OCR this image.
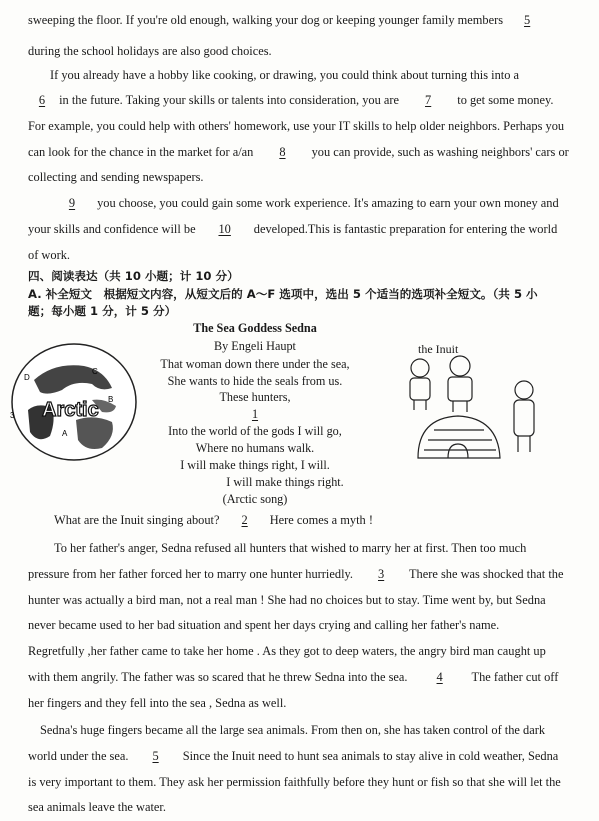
sweeping the floor. If you're old enough, walking your dog or keeping younger family members 5
during the school holidays are also good choices.
If you already have a hobby like cooking, or drawing, you could think about turning this into a
6 in the future. Taking your skills or talents into consideration, you are 7 to get some money.
For example, you could help with others' homework, use your IT skills to help older neighbors. Perhaps you
can look for the chance in the market for a/an 8 you can provide, such as washing neighbors' cars or
collecting and sending newspapers.
9 you choose, you could gain some work experience. It's amazing to earn your own money and
your skills and confidence will be 10 developed.This is fantastic preparation for entering the world
of work.
四、阅读表达（共 10 小题；计 10 分）
A. 补全短文　根据短文内容，从短文后的 A～F 选项中，选出 5 个适当的选项补全短文。（共 5 小
题；每小题 1 分，计 5 分）
The Sea Goddess Sedna
By Engeli Haupt
That woman down there under the sea,
She wants to hide the seals from us.
These hunters,
1
Into the world of the gods I will go,
Where no humans walk.
I will make things right, I will.
I will make things right.
(Arctic song)
D
C
B
3
A
Arctic
the Inuit
What are the Inuit singing about? 2 Here comes a myth !
To her father's anger, Sedna refused all hunters that wished to marry her at first. Then too much
pressure from her father forced her to marry one hunter hurriedly. 3 There she was shocked that the
hunter was actually a bird man, not a real man ! She had no choices but to stay. Time went by, but Sedna
never became used to her bad situation and spent her days crying and calling her father's name.
Regretfully ,her father came to take her home . As they got to deep waters, the angry bird man caught up
with them angrily. The father was so scared that he threw Sedna into the sea. 4 The father cut off
her fingers and they fell into the sea , Sedna as well.
Sedna's huge fingers became all the large sea animals. From then on, she has taken control of the dark
world under the sea. 5 Since the Inuit need to hunt sea animals to stay alive in cold weather, Sedna
is very important to them. They ask her permission faithfully before they hunt or fish so that she will let the
sea animals leave the water.
